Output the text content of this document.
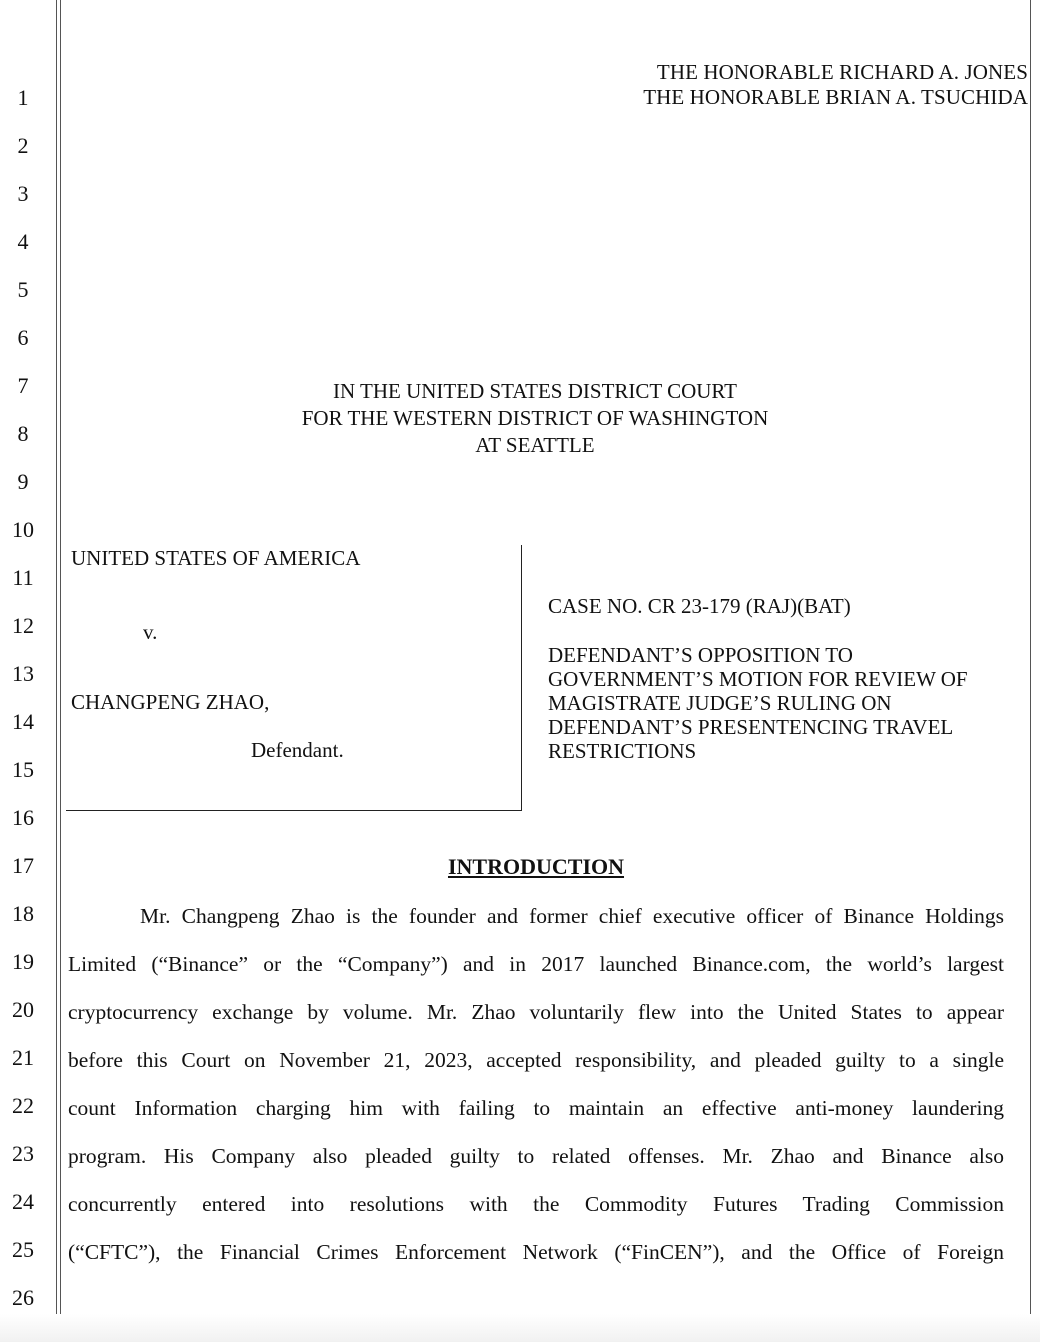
1
2
3
4
5
6
7
8
9
10
11
12
13
14
15
16
17
18
19
20
21
22
23
24
25
26
THE HONORABLE RICHARD A. JONES
THE HONORABLE BRIAN A. TSUCHIDA
IN THE UNITED STATES DISTRICT COURT
FOR THE WESTERN DISTRICT OF WASHINGTON
AT SEATTLE
UNITED STATES OF AMERICA
v.
CHANGPENG ZHAO,
Defendant.
CASE NO. CR 23-179 (RAJ)(BAT)
DEFENDANT’S OPPOSITION TO
GOVERNMENT’S MOTION FOR REVIEW OF
MAGISTRATE JUDGE’S RULING ON
DEFENDANT’S PRESENTENCING TRAVEL
RESTRICTIONS
INTRODUCTION
Mr. Changpeng Zhao is the founder and former chief executive officer of Binance Holdings
Limited (“Binance” or the “Company”) and in 2017 launched Binance.com, the world’s largest
cryptocurrency exchange by volume. Mr. Zhao voluntarily flew into the United States to appear
before this Court on November 21, 2023, accepted responsibility, and pleaded guilty to a single
count Information charging him with failing to maintain an effective anti-money laundering
program. His Company also pleaded guilty to related offenses. Mr. Zhao and Binance also
concurrently entered into resolutions with the Commodity Futures Trading Commission
(“CFTC”), the Financial Crimes Enforcement Network (“FinCEN”), and the Office of Foreign
